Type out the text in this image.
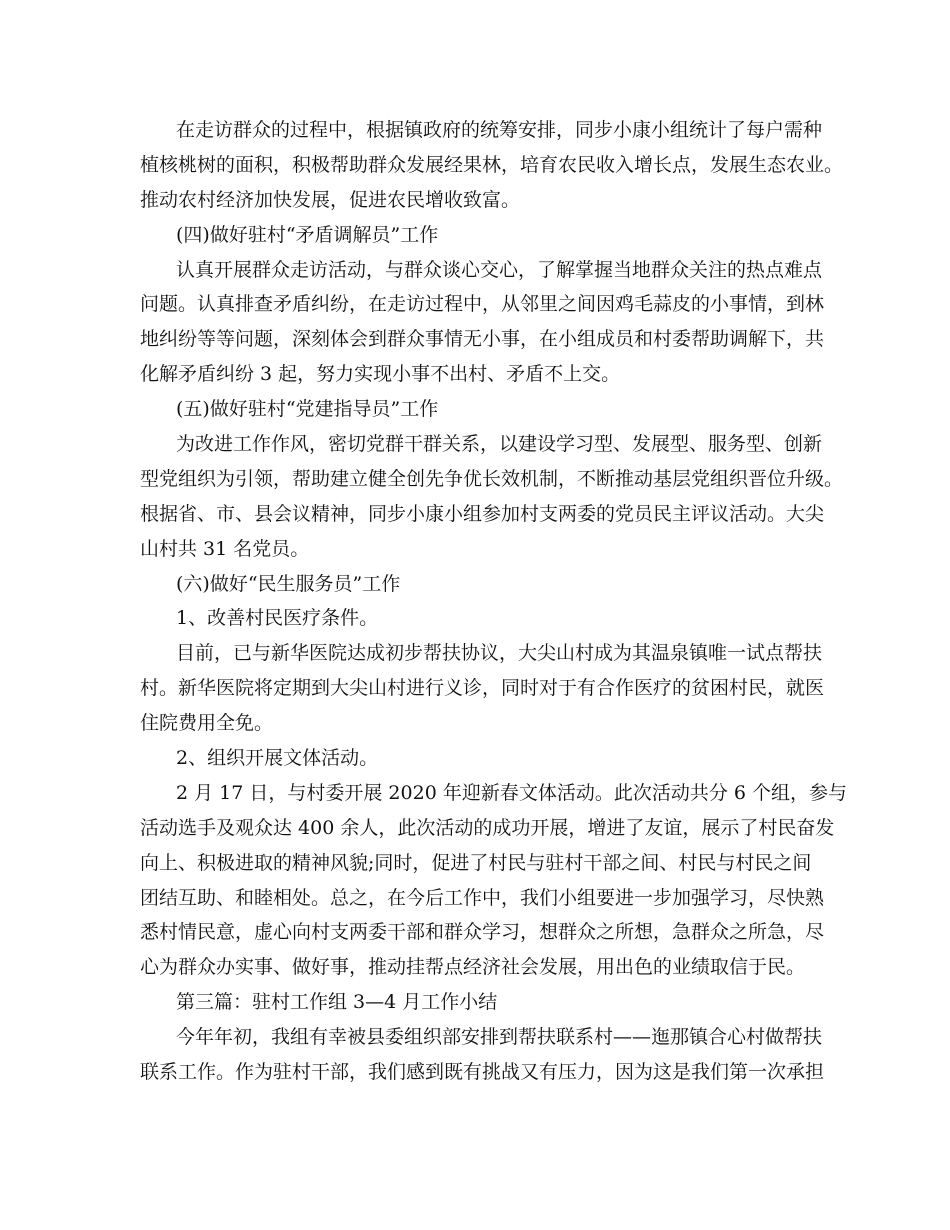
在走访群众的过程中，根据镇政府的统筹安排，同步小康小组统计了每户需种
植核桃树的面积，积极帮助群众发展经果林，培育农民收入增长点，发展生态农业。
推动农村经济加快发展，促进农民增收致富。
(四)做好驻村“矛盾调解员”工作
认真开展群众走访活动，与群众谈心交心，了解掌握当地群众关注的热点难点
问题。认真排查矛盾纠纷，在走访过程中，从邻里之间因鸡毛蒜皮的小事情，到林
地纠纷等等问题，深刻体会到群众事情无小事，在小组成员和村委帮助调解下，共
化解矛盾纠纷 3 起，努力实现小事不出村、矛盾不上交。
(五)做好驻村“党建指导员”工作
为改进工作作风，密切党群干群关系，以建设学习型、发展型、服务型、创新
型党组织为引领，帮助建立健全创先争优长效机制，不断推动基层党组织晋位升级。
根据省、市、县会议精神，同步小康小组参加村支两委的党员民主评议活动。大尖
山村共 31 名党员。
(六)做好“民生服务员”工作
1、改善村民医疗条件。
目前，已与新华医院达成初步帮扶协议，大尖山村成为其温泉镇唯一试点帮扶
村。新华医院将定期到大尖山村进行义诊，同时对于有合作医疗的贫困村民，就医
住院费用全免。
2、组织开展文体活动。
2 月 17 日，与村委开展 2020 年迎新春文体活动。此次活动共分 6 个组，参与
活动选手及观众达 400 余人，此次活动的成功开展，增进了友谊，展示了村民奋发
向上、积极进取的精神风貌;同时，促进了村民与驻村干部之间、村民与村民之间
团结互助、和睦相处。总之，在今后工作中，我们小组要进一步加强学习，尽快熟
悉村情民意，虚心向村支两委干部和群众学习，想群众之所想，急群众之所急，尽
心为群众办实事、做好事，推动挂帮点经济社会发展，用出色的业绩取信于民。
第三篇：驻村工作组 3—4 月工作小结
今年年初，我组有幸被县委组织部安排到帮扶联系村——迤那镇合心村做帮扶
联系工作。作为驻村干部，我们感到既有挑战又有压力，因为这是我们第一次承担
